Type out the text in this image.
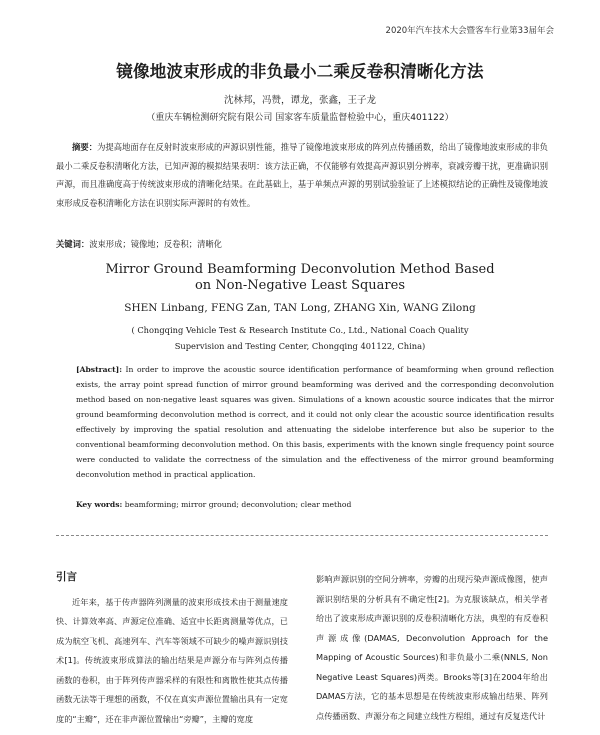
2020年汽车技术大会暨客车行业第33届年会
镜像地波束形成的非负最小二乘反卷积清晰化方法
沈林邦，冯赞，谭龙，张鑫，王子龙
（重庆车辆检测研究院有限公司 国家客车质量监督检验中心，重庆401122）
摘要：为提高地面存在反射时波束形成的声源识别性能，推导了镜像地波束形成的阵列点传播函数，给出了镜像地波束形成的非负最小二乘反卷积清晰化方法，已知声源的模拟结果表明：该方法正确，不仅能够有效提高声源识别分辨率，衰减旁瓣干扰，更准确识别声源，而且准确度高于传统波束形成的清晰化结果。在此基础上，基于单频点声源的男别试验验证了上述模拟结论的正确性及镜像地波束形成反卷积清晰化方法在识别实际声源时的有效性。
关键词：波束形成；镜像地；反卷积；清晰化
Mirror Ground Beamforming Deconvolution Method Based
on Non-Negative Least Squares
SHEN Linbang, FENG Zan, TAN Long, ZHANG Xin, WANG Zilong
( Chongqing Vehicle Test & Research Institute Co., Ltd., National Coach Quality
Supervision and Testing Center, Chongqing 401122, China)
[Abstract]: In order to improve the acoustic source identification performance of beamforming when ground reflection exists, the array point spread function of mirror ground beamforming was derived and the corresponding deconvolution method based on non-negative least squares was given. Simulations of a known acoustic source indicates that the mirror ground beamforming deconvolution method is correct, and it could not only clear the acoustic source identification results effectively by improving the spatial resolution and attenuating the sidelobe interference but also be superior to the conventional beamforming deconvolution method. On this basis, experiments with the known single frequency point source were conducted to validate the correctness of the simulation and the effectiveness of the mirror ground beamforming deconvolution method in practical application.
Key words: beamforming; mirror ground; deconvolution; clear method
引言
近年来，基于传声器阵列测量的波束形成技术由于测量速度快、计算效率高、声源定位准确、适宜中长距离测量等优点，已成为航空飞机、高速列车、汽车等领域不可缺少的噪声源识别技术[1]。传统波束形成算法的输出结果是声源分布与阵列点传播函数的卷积，由于阵列传声器采样的有限性和离散性使其点传播函数无法等于理想的函数，不仅在真实声源位置输出具有一定宽度的“主瓣”，还在非声源位置输出“旁瓣”，主瓣的宽度
影响声源识别的空间分辨率，旁瓣的出现污染声源成像图，使声源识别结果的分析具有不确定性[2]。为克服该缺点，相关学者给出了波束形成声源识别的反卷积清晰化方法，典型的有反卷积声源成像(DAMAS, Deconvolution Approach for the Mapping of Acoustic Sources)和非负最小二乘(NNLS, Non Negative Least Squares)两类。Brooks等[3]在2004年给出DAMAS方法，它的基本思想是在传统波束形成输出结果、阵列点传播函数、声源分布之间建立线性方程组，通过有反复迭代计
